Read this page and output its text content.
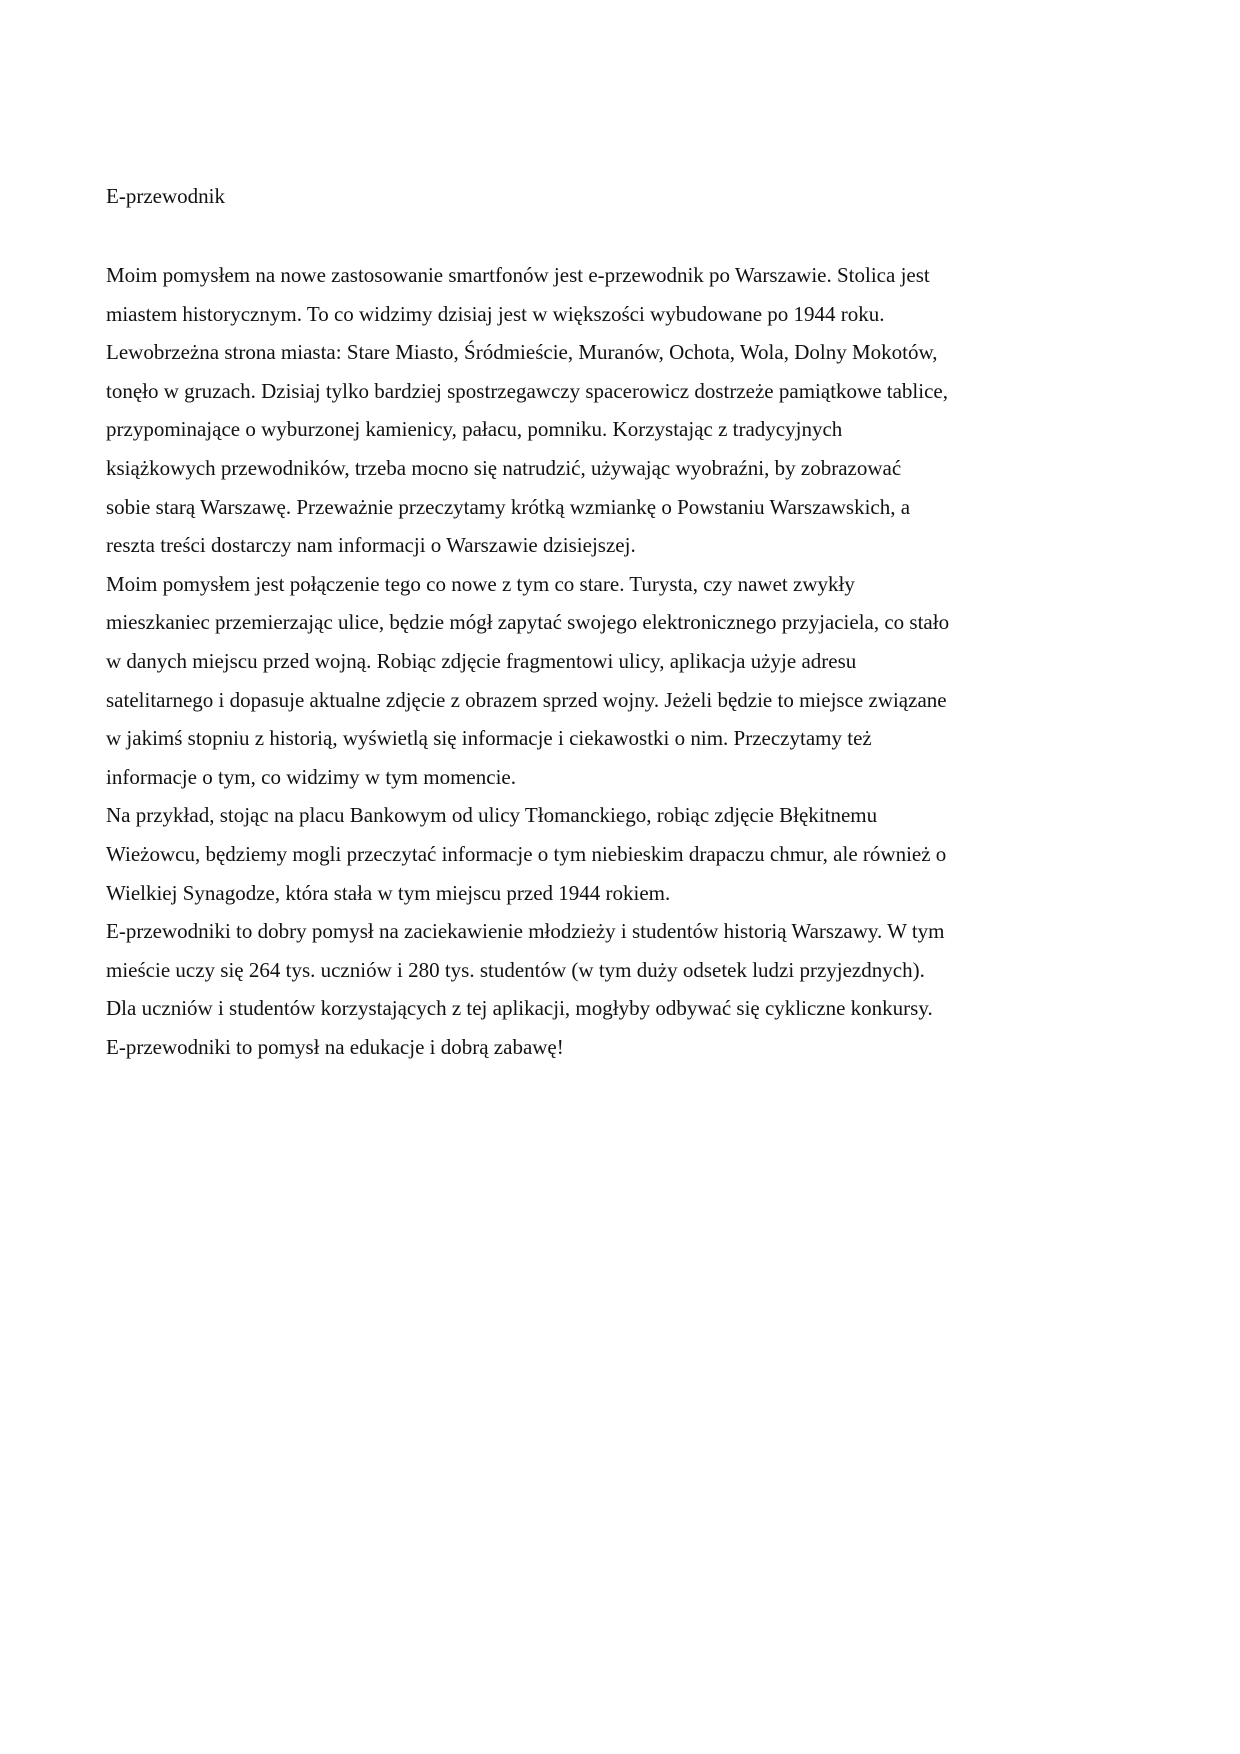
E-przewodnik
Moim pomysłem na nowe zastosowanie smartfonów jest e-przewodnik po Warszawie. Stolica jest
miastem historycznym. To co widzimy dzisiaj jest w większości wybudowane po 1944 roku.
Lewobrzeżna strona miasta: Stare Miasto, Śródmieście, Muranów, Ochota, Wola, Dolny Mokotów,
tonęło w gruzach. Dzisiaj tylko bardziej spostrzegawczy spacerowicz dostrzeże pamiątkowe tablice,
przypominające o wyburzonej kamienicy, pałacu, pomniku. Korzystając z tradycyjnych
książkowych przewodników, trzeba mocno się natrudzić, używając wyobraźni, by zobrazować
sobie starą Warszawę. Przeważnie przeczytamy krótką wzmiankę o Powstaniu Warszawskich, a
reszta treści dostarczy nam informacji o Warszawie dzisiejszej.
Moim pomysłem jest połączenie tego co nowe z tym co stare. Turysta, czy nawet zwykły
mieszkaniec przemierzając ulice, będzie mógł zapytać swojego elektronicznego przyjaciela, co stało
w danych miejscu przed wojną. Robiąc zdjęcie fragmentowi ulicy, aplikacja użyje adresu
satelitarnego i dopasuje aktualne zdjęcie z obrazem sprzed wojny. Jeżeli będzie to miejsce związane
w jakimś stopniu z historią, wyświetlą się informacje i ciekawostki o nim. Przeczytamy też
informacje o tym, co widzimy w tym momencie.
Na przykład, stojąc na placu Bankowym od ulicy Tłomanckiego, robiąc zdjęcie Błękitnemu
Wieżowcu, będziemy mogli przeczytać informacje o tym niebieskim drapaczu chmur, ale również o
Wielkiej Synagodze, która stała w tym miejscu przed 1944 rokiem.
E-przewodniki to dobry pomysł na zaciekawienie młodzieży i studentów historią Warszawy. W tym
mieście uczy się 264 tys. uczniów i 280 tys. studentów (w tym duży odsetek ludzi przyjezdnych).
Dla uczniów i studentów korzystających z tej aplikacji, mogłyby odbywać się cykliczne konkursy.
E-przewodniki to pomysł na edukacje i dobrą zabawę!
